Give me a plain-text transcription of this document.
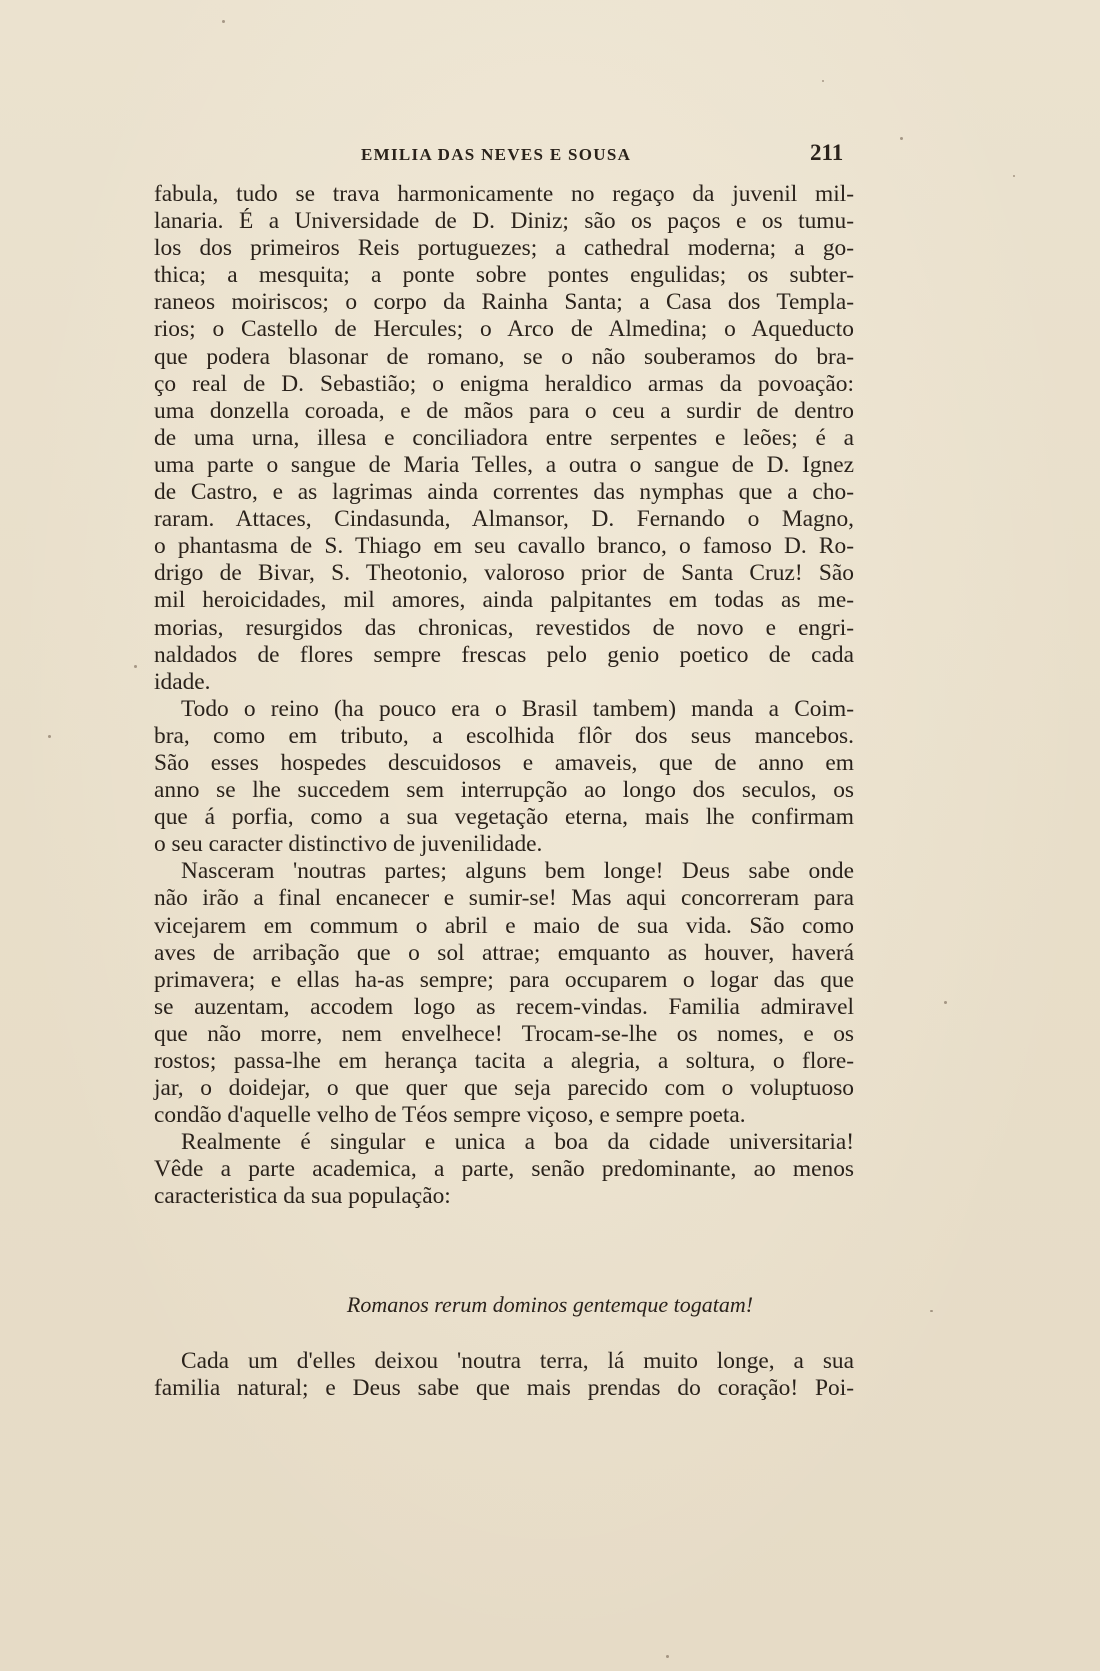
EMILIA DAS NEVES E SOUSA	211
fabula, tudo se trava harmonicamente no regaço da juvenil mil-
lanaria. É a Universidade de D. Diniz; são os paços e os tumu-
los dos primeiros Reis portuguezes; a cathedral moderna; a go-
thica; a mesquita; a ponte sobre pontes engulidas; os subter-
raneos moiriscos; o corpo da Rainha Santa; a Casa dos Templa-
rios; o Castello de Hercules; o Arco de Almedina; o Aqueducto
que podera blasonar de romano, se o não souberamos do bra-
ço real de D. Sebastião; o enigma heraldico armas da povoação:
uma donzella coroada, e de mãos para o ceu a surdir de dentro
de uma urna, illesa e conciliadora entre serpentes e leões; é a
uma parte o sangue de Maria Telles, a outra o sangue de D. Ignez
de Castro, e as lagrimas ainda correntes das nymphas que a cho-
raram. Attaces, Cindasunda, Almansor, D. Fernando o Magno,
o phantasma de S. Thiago em seu cavallo branco, o famoso D. Ro-
drigo de Bivar, S. Theotonio, valoroso prior de Santa Cruz! São
mil heroicidades, mil amores, ainda palpitantes em todas as me-
morias, resurgidos das chronicas, revestidos de novo e engri-
naldados de flores sempre frescas pelo genio poetico de cada
idade.
Todo o reino (ha pouco era o Brasil tambem) manda a Coim-
bra, como em tributo, a escolhida flôr dos seus mancebos.
São esses hospedes descuidosos e amaveis, que de anno em
anno se lhe succedem sem interrupção ao longo dos seculos, os
que á porfia, como a sua vegetação eterna, mais lhe confirmam
o seu caracter distinctivo de juvenilidade.
Nasceram 'noutras partes; alguns bem longe! Deus sabe onde
não irão a final encanecer e sumir-se! Mas aqui concorreram para
vicejarem em commum o abril e maio de sua vida. São como
aves de arribação que o sol attrae; emquanto as houver, haverá
primavera; e ellas ha-as sempre; para occuparem o logar das que
se auzentam, accodem logo as recem-vindas. Familia admiravel
que não morre, nem envelhece! Trocam-se-lhe os nomes, e os
rostos; passa-lhe em herança tacita a alegria, a soltura, o flore-
jar, o doidejar, o que quer que seja parecido com o voluptuoso
condão d'aquelle velho de Téos sempre viçoso, e sempre poeta.
Realmente é singular e unica a boa da cidade universitaria!
Vêde a parte academica, a parte, senão predominante, ao menos
caracteristica da sua população:
Romanos rerum dominos gentemque togatam!
Cada um d'elles deixou 'noutra terra, lá muito longe, a sua
familia natural; e Deus sabe que mais prendas do coração! Poi-
